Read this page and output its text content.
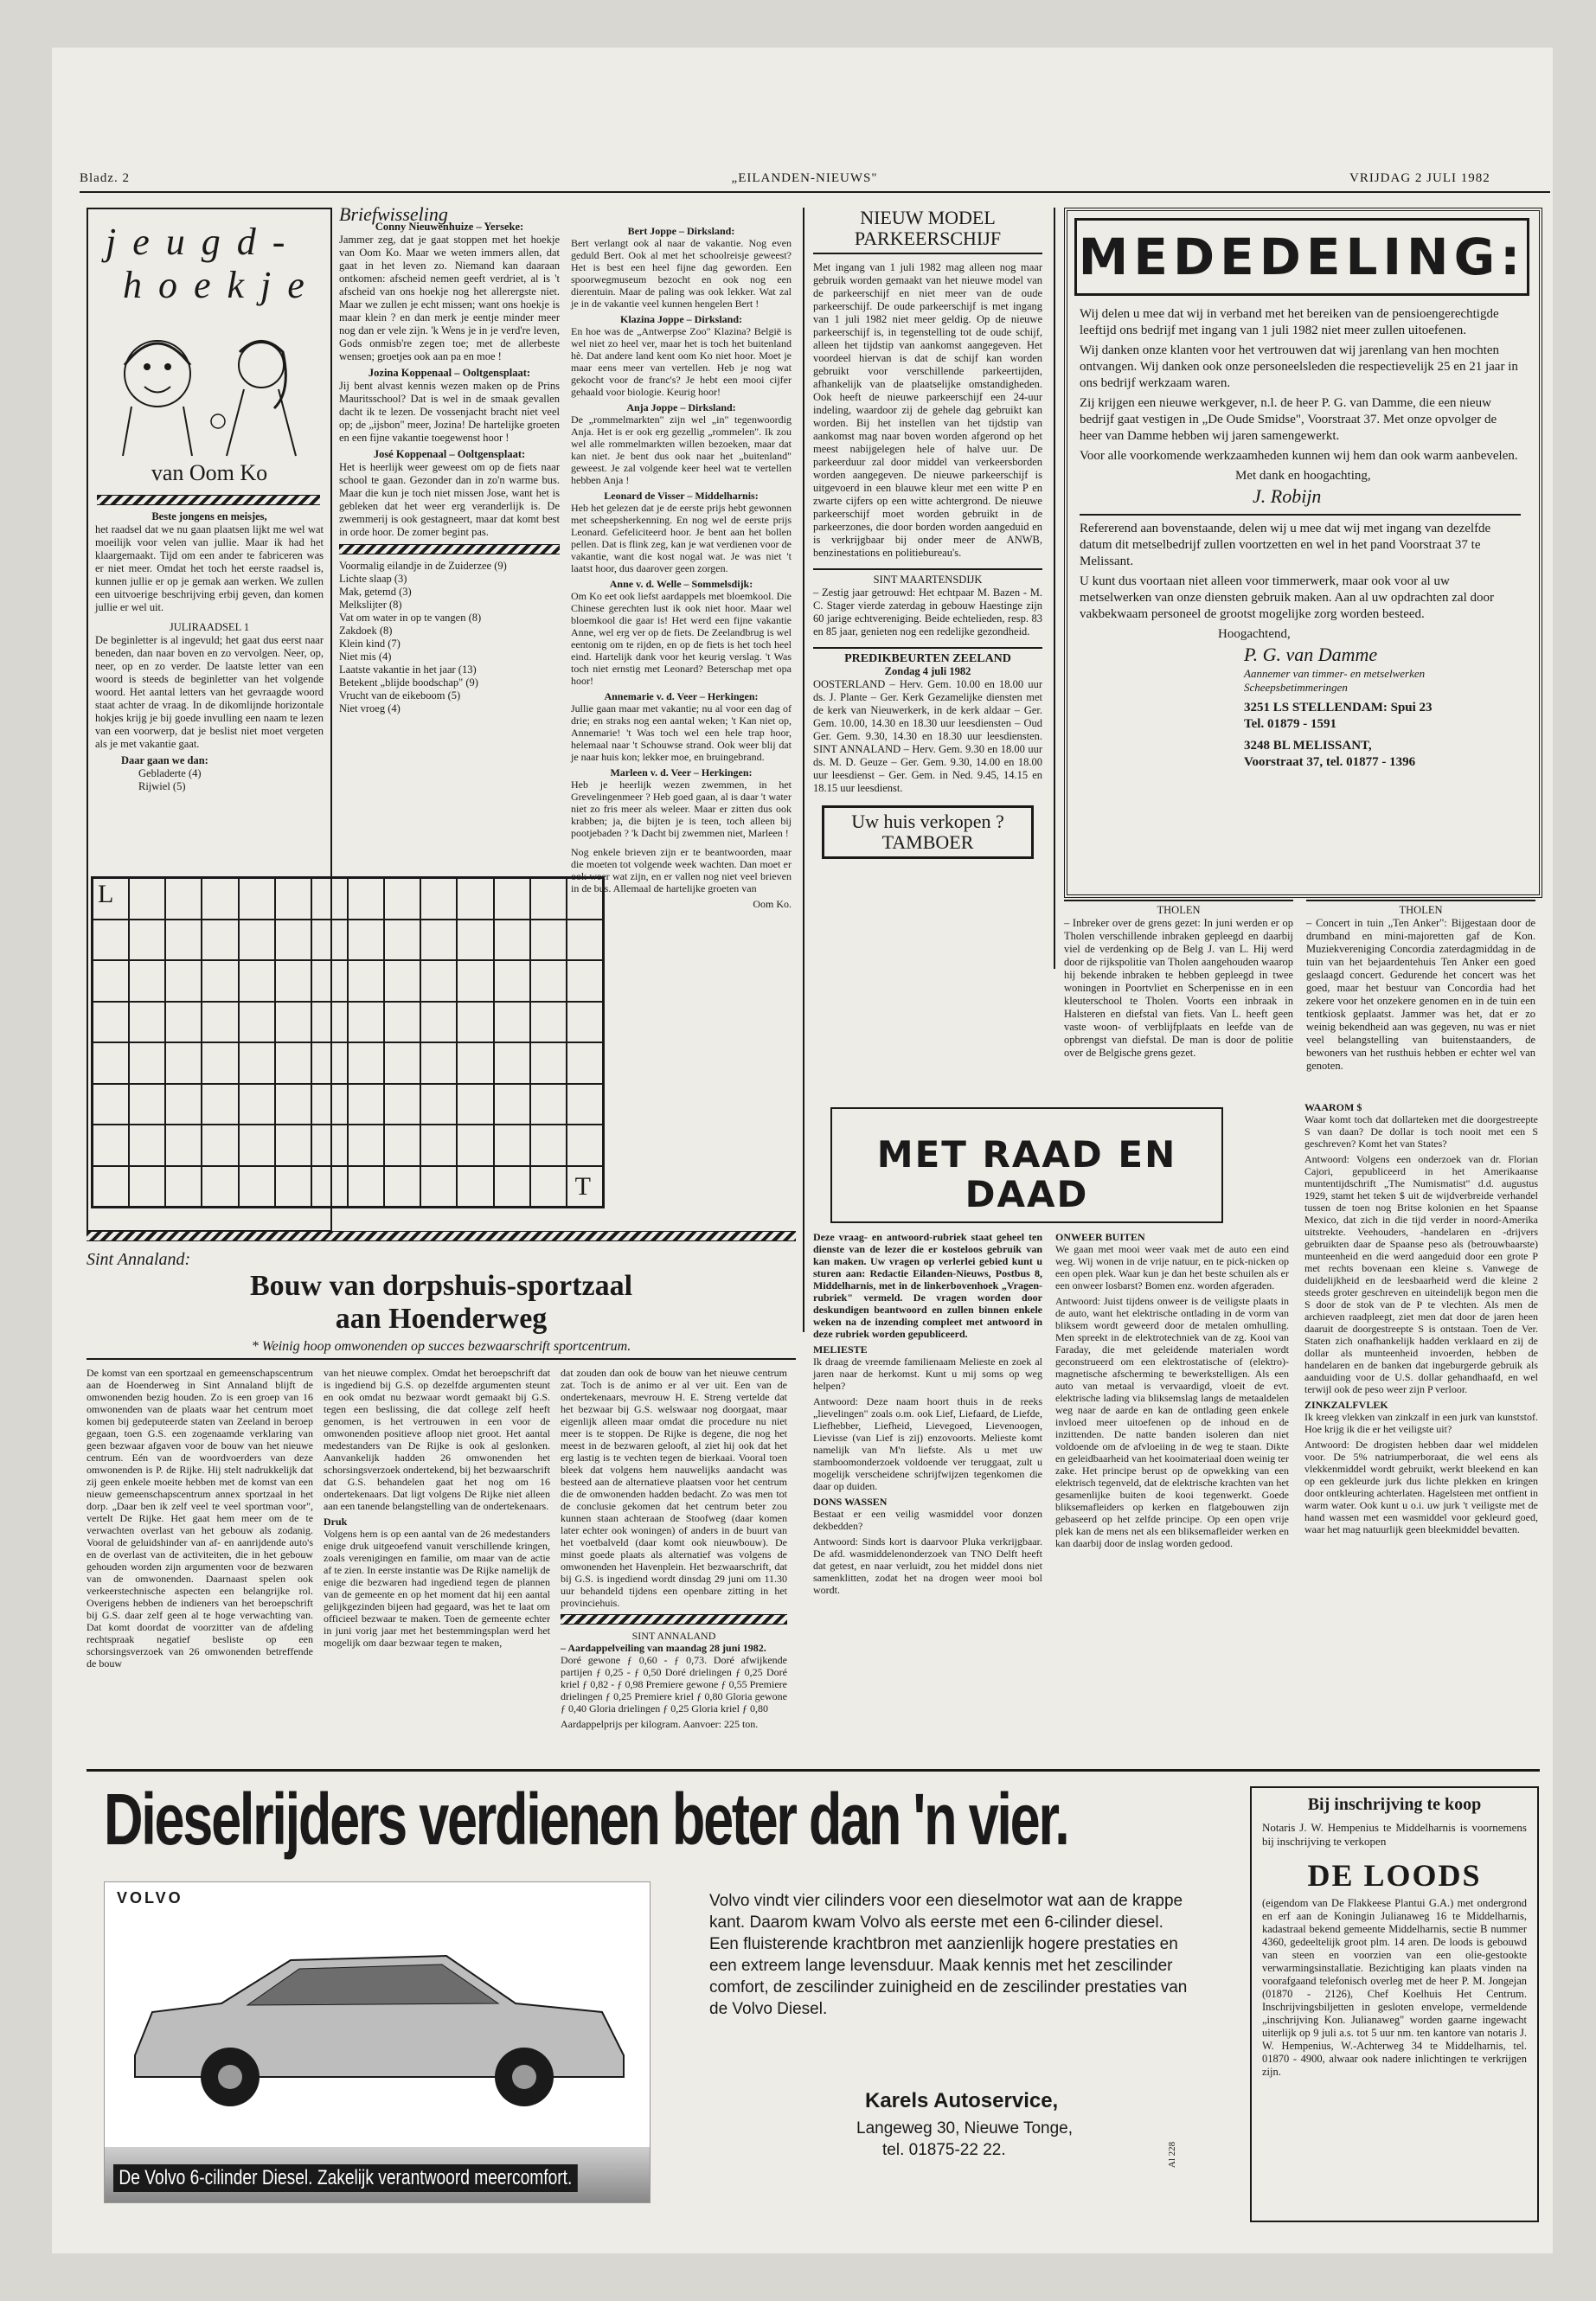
Bladz. 2	„EILANDEN-NIEUWS"	VRIJDAG 2 JULI 1982
j e u g d -
h o e k j e
van Oom Ko
Beste jongens en meisjes,

het raadsel dat we nu gaan plaatsen lijkt me wel wat moeilijk voor velen van jullie. Maar ik had het klaargemaakt. Tijd om een ander te fabriceren was er niet meer. Omdat het toch het eerste raadsel is, kunnen jullie er op je gemak aan werken. We zullen een uitvoerige beschrijving erbij geven, dan komen jullie er wel uit.

JULIRAADSEL 1

De beginletter is al ingevuld; het gaat dus eerst naar beneden, dan naar boven en zo vervolgen. Neer, op, neer, op en zo verder. De laatste letter van een woord is steeds de beginletter van het volgende woord. Het aantal letters van het gevraagde woord staat achter de vraag. In de dikomlijnde horizontale hokjes krijg je bij goede invulling een naam te lezen van een voorwerp, dat je beslist niet moet vergeten als je met vakantie gaat.

Daar gaan we dan:
Gebladerte (4)
Rijwiel (5)
Briefwisseling
Conny Nieuwenhuize – Yerseke:

Jammer zeg, dat je gaat stoppen met het hoekje van Oom Ko. Maar we weten immers allen, dat gaat in het leven zo. Niemand kan daaraan ontkomen: afscheid nemen geeft verdriet, al is 't afscheid van ons hoekje nog het allerergste niet. Maar we zullen je echt missen; want ons hoekje is maar klein ? en dan merk je eentje minder meer nog dan er vele zijn. 'k Wens je in je verd're leven, Gods onmisb're zegen toe; met de allerbeste wensen; groetjes ook aan pa en moe !

Jozina Koppenaal – Ooltgensplaat:

Jij bent alvast kennis wezen maken op de Prins Mauritsschool? Dat is wel in de smaak gevallen dacht ik te lezen. De vossenjacht bracht niet veel op; de „ijsbon" meer, Jozina! De hartelijke groeten en een fijne vakantie toegewenst hoor !

José Koppenaal – Ooltgensplaat:

Het is heerlijk weer geweest om op de fiets naar school te gaan. Gezonder dan in zo'n warme bus. Maar die kun je toch niet missen Jose, want het is gebleken dat het weer erg veranderlijk is. De zwemmerij is ook gestagneert, maar dat komt best in orde hoor. De zomer begint pas.

Voormalig eilandje in de Zuiderzee (9)

Lichte slaap (3)

Mak, getemd (3)

Melkslijter (8)

Vat om water in op te vangen (8)

Zakdoek (8)

Klein kind (7)

Niet mis (4)

Laatste vakantie in het jaar (13)

Betekent „blijde boodschap" (9)

Vrucht van de eikeboom (5)

Niet vroeg (4)

Bert Joppe – Dirksland:

Bert verlangt ook al naar de vakantie. Nog even geduld Bert. Ook al met het schoolreisje geweest? Het is best een heel fijne dag geworden. Een spoorwegmuseum bezocht en ook nog een dierentuin. Maar de paling was ook lekker. Wat zal je in de vakantie veel kunnen hengelen Bert !

Klazina Joppe – Dirksland:

En hoe was de „Antwerpse Zoo" Klazina? België is wel niet zo heel ver, maar het is toch het buitenland hè. Dat andere land kent oom Ko niet hoor. Moet je maar eens meer van vertellen. Heb je nog wat gekocht voor de franc's? Je hebt een mooi cijfer gehaald voor biologie. Keurig hoor!

Anja Joppe – Dirksland:

De „rommelmarkten" zijn wel „in" tegenwoordig Anja. Het is er ook erg gezellig „rommelen". Ik zou wel alle rommelmarkten willen bezoeken, maar dat kan niet. Je bent dus ook naar het „buitenland" geweest. Je zal volgende keer heel wat te vertellen hebben Anja !

Leonard de Visser – Middelharnis:

Heb het gelezen dat je de eerste prijs hebt gewonnen met scheepsherkenning. En nog wel de eerste prijs Leonard. Gefeliciteerd hoor. Je bent aan het bollen pellen. Dat is flink zeg, kan je wat verdienen voor de vakantie, want die kost nogal wat. Je was niet 't laatst hoor, dus daarover geen zorgen.

Anne v. d. Welle – Sommelsdijk:

Om Ko eet ook liefst aardappels met bloemkool. Die Chinese gerechten lust ik ook niet hoor. Maar wel bloemkool die gaar is! Het werd een fijne vakantie Anne, wel erg ver op de fiets. De Zeelandbrug is wel eentonig om te rijden, en op de fiets is het toch heel eind. Hartelijk dank voor het keurig verslag. 't Was toch niet ernstig met Leonard? Beterschap met opa hoor!

Annemarie v. d. Veer – Herkingen:

Jullie gaan maar met vakantie; nu al voor een dag of drie; en straks nog een aantal weken; 't Kan niet op, Annemarie! 't Was toch wel een hele trap hoor, helemaal naar 't Schouwse strand. Ook weer blij dat je naar huis kon; lekker moe, en bruingebrand.

Marleen v. d. Veer – Herkingen:

Heb je heerlijk wezen zwemmen, in het Grevelingenmeer ? Heb goed gaan, al is daar 't water niet zo fris meer als weleer. Maar er zitten dus ook krabben; ja, die bijten je is teen, toch alleen bij pootjebaden ? 'k Dacht bij zwemmen niet, Marleen !

Nog enkele brieven zijn er te beantwoorden, maar die moeten tot volgende week wachten. Dan moet er ook weer wat zijn, en er vallen nog niet veel brieven in de bus. Allemaal de hartelijke groeten van

Oom Ko.
L
T
NIEUW MODEL
PARKEERSCHIJF

Met ingang van 1 juli 1982 mag alleen nog maar gebruik worden gemaakt van het nieuwe model van de parkeerschijf en niet meer van de oude parkeerschijf. De oude parkeerschijf is met ingang van 1 juli 1982 niet meer geldig. Op de nieuwe parkeerschijf is, in tegenstelling tot de oude schijf, alleen het tijdstip van aankomst aangegeven. Het voordeel hiervan is dat de schijf kan worden gebruikt voor verschillende parkeertijden, afhankelijk van de plaatselijke omstandigheden. Ook heeft de nieuwe parkeerschijf een 24-uur indeling, waardoor zij de gehele dag gebruikt kan worden. Bij het instellen van het tijdstip van aankomst mag naar boven worden afgerond op het meest nabijgelegen hele of halve uur. De parkeerduur zal door middel van verkeersborden worden aangegeven. De nieuwe parkeerschijf is uitgevoerd in een blauwe kleur met een witte P en zwarte cijfers op een witte achtergrond. De nieuwe parkeerschijf moet worden gebruikt in de parkeerzones, die door borden worden aangeduid en is verkrijgbaar bij onder meer de ANWB, benzinestations en politiebureau's.

SINT MAARTENSDIJK

– Zestig jaar getrouwd: Het echtpaar M. Bazen - M. C. Stager vierde zaterdag in gebouw Haestinge zijn 60 jarige echtvereniging. Beide echtelieden, resp. 83 en 85 jaar, genieten nog een redelijke gezondheid.

PREDIKBEURTEN ZEELAND
Zondag 4 juli 1982

OOSTERLAND – Herv. Gem. 10.00 en 18.00 uur ds. J. Plante – Ger. Kerk Gezamelijke diensten met de kerk van Nieuwerkerk, in de kerk aldaar – Ger. Gem. 10.00, 14.30 en 18.30 uur leesdiensten – Oud Ger. Gem. 9.30, 14.30 en 18.30 uur leesdiensten. SINT ANNALAND – Herv. Gem. 9.30 en 18.00 uur ds. M. D. Geuze – Ger. Gem. 9.30, 14.00 en 18.00 uur leesdienst – Ger. Gem. in Ned. 9.45, 14.15 en 18.15 uur leesdienst.

Uw huis verkopen ?
TAMBOER
MEDEDELING:

Wij delen u mee dat wij in verband met het bereiken van de pensioengerechtigde leeftijd ons bedrijf met ingang van 1 juli 1982 niet meer zullen uitoefenen.

Wij danken onze klanten voor het vertrouwen dat wij jarenlang van hen mochten ontvangen. Wij danken ook onze personeelsleden die respectievelijk 25 en 21 jaar in ons bedrijf werkzaam waren.

Zij krijgen een nieuwe werkgever, n.l. de heer P. G. van Damme, die een nieuw bedrijf gaat vestigen in „De Oude Smidse", Voorstraat 37. Met onze opvolger de heer van Damme hebben wij jaren samengewerkt.

Voor alle voorkomende werkzaamheden kunnen wij hem dan ook warm aanbevelen.

Met dank en hoogachting,
J. Robijn

Refererend aan bovenstaande, delen wij u mee dat wij met ingang van dezelfde datum dit metselbedrijf zullen voortzetten en wel in het pand Voorstraat 37 te Melissant.

U kunt dus voortaan niet alleen voor timmerwerk, maar ook voor al uw metselwerken van onze diensten gebruik maken. Aan al uw opdrachten zal door vakbekwaam personeel de grootst mogelijke zorg worden besteed.

Hoogachtend,
P. G. van Damme
Aannemer van timmer- en metselwerken Scheepsbetimmeringen
3251 LS STELLENDAM: Spui 23
Tel. 01879 - 1591
3248 BL MELISSANT,
Voorstraat 37, tel. 01877 - 1396
THOLEN

– Inbreker over de grens gezet: In juni werden er op Tholen verschillende inbraken gepleegd en daarbij viel de verdenking op de Belg J. van L. Hij werd door de rijkspolitie van Tholen aangehouden waarop hij bekende inbraken te hebben gepleegd in twee woningen in Poortvliet en Scherpenisse en in een kleuterschool te Tholen. Voorts een inbraak in Halsteren en diefstal van fiets. Van L. heeft geen vaste woon- of verblijfplaats en leefde van de opbrengst van diefstal. De man is door de politie over de Belgische grens gezet.

THOLEN

– Concert in tuin „Ten Anker": Bijgestaan door de drumband en mini-majoretten gaf de Kon. Muziekvereniging Concordia zaterdagmiddag in de tuin van het bejaardentehuis Ten Anker een goed geslaagd concert. Gedurende het concert was het goed, maar het bestuur van Concordia had het zekere voor het onzekere genomen en in de tuin een tentkiosk geplaatst. Jammer was het, dat er zo weinig bekendheid aan was gegeven, nu was er niet veel belangstelling van buitenstaanders, de bewoners van het rusthuis hebben er echter wel van genoten.

MET RAAD EN DAAD

Deze vraag- en antwoord-rubriek staat geheel ten dienste van de lezer die er kosteloos gebruik van kan maken. Uw vragen op verlerlei gebied kunt u sturen aan: Redactie Eilanden-Nieuws, Postbus 8, Middelharnis, met in de linkerbovenhoek „Vragen-rubriek" vermeld. De vragen worden door deskundigen beantwoord en zullen binnen enkele weken na de inzending compleet met antwoord in deze rubriek worden gepubliceerd.

MELIESTE

Ik draag de vreemde familienaam Melieste en zoek al jaren naar de herkomst. Kunt u mij soms op weg helpen?

Antwoord: Deze naam hoort thuis in de reeks „lievelingen" zoals o.m. ook Lief, Liefaard, de Liefde, Liefhebber, Liefheid, Lievegoed, Lievenoogen, Lievisse (van Lief is zij) enzovoorts. Melieste komt namelijk van M'n liefste. Als u met uw stamboomonderzoek voldoende ver teruggaat, zult u mogelijk verscheidene schrijfwijzen tegenkomen die daar op duiden.

DONS WASSEN

Bestaat er een veilig wasmiddel voor donzen dekbedden?

Antwoord: Sinds kort is daarvoor Pluka verkrijgbaar. De afd. wasmiddelenonderzoek van TNO Delft heeft dat getest, en naar verluidt, zou het middel dons niet samenklitten, zodat het na drogen weer mooi bol wordt.

ONWEER BUITEN

We gaan met mooi weer vaak met de auto een eind weg. Wij wonen in de vrije natuur, en te pick-nicken op een open plek. Waar kun je dan het beste schuilen als er een onweer losbarst? Bomen enz. worden afgeraden.

Antwoord: Juist tijdens onweer is de veiligste plaats in de auto, want het elektrische ontlading in de vorm van bliksem wordt geweerd door de metalen omhulling. Men spreekt in de elektrotechniek van de zg. Kooi van Faraday, die met geleidende materialen wordt geconstrueerd om een elektrostatische of (elektro)-magnetische afscherming te bewerkstelligen. Als een auto van metaal is vervaardigd, vloeit de evt. elektrische lading via bliksemslag langs de metaaldelen weg naar de aarde en kan de ontlading geen enkele invloed meer uitoefenen op de inhoud en de inzittenden. De natte banden isoleren dan niet voldoende om de afvloeiing in de weg te staan. Dikte en geleidbaarheid van het kooimateriaal doen weinig ter zake. Het principe berust op de opwekking van een elektrisch tegenveld, dat de elektrische krachten van het gesamenlijke buiten de kooi tegenwerkt. Goede bliksemafleiders op kerken en flatgebouwen zijn gebaseerd op het zelfde principe. Op een open vrije plek kan de mens net als een bliksemafleider werken en kan daarbij door de inslag worden gedood.

WAAROM $

Waar komt toch dat dollarteken met die doorgestreepte S van daan? De dollar is toch nooit met een S geschreven? Komt het van States?

Antwoord: Volgens een onderzoek van dr. Florian Cajori, gepubliceerd in het Amerikaanse muntentijdschrift „The Numismatist" d.d. augustus 1929, stamt het teken $ uit de wijdverbreide verhandel tussen de toen nog Britse kolonien en het Spaanse Mexico, dat zich in die tijd verder in noord-Amerika uitstrekte. Veehouders, -handelaren en -drijvers gebruikten daar de Spaanse peso als (betrouwbaarste) munteenheid en die werd aangeduid door een grote P met rechts bovenaan een kleine s. Vanwege de duidelijkheid en de leesbaarheid werd die kleine 2 steeds groter geschreven en uiteindelijk begon men die S door de stok van de P te vlechten. Als men de archieven raadpleegt, ziet men dat door de jaren heen daaruit de doorgestreepte S is ontstaan. Toen de Ver. Staten zich onafhankelijk hadden verklaard en zij de dollar als munteenheid invoerden, hebben de handelaren en de banken dat ingeburgerde gebruik als aanduiding voor de U.S. dollar gehandhaafd, en wel terwijl ook de peso weer zijn P verloor.

ZINKZALFVLEK

Ik kreeg vlekken van zinkzalf in een jurk van kunststof. Hoe krijg ik die er het veiligste uit?

Antwoord: De drogisten hebben daar wel middelen voor. De 5% natriumperboraat, die wel eens als vlekkenmiddel wordt gebruikt, werkt bleekend en kan op een gekleurde jurk dus lichte plekken en kringen door ontkleuring achterlaten. Hagelsteen met ontfient in warm water. Ook kunt u o.i. uw jurk 't veiligste met de hand wassen met een wasmiddel voor gekleurd goed, waar het mag natuurlijk geen bleekmiddel bevatten.

Sint Annaland:
Bouw van dorpshuis-sportzaal
aan Hoenderweg
* Weinig hoop omwonenden op succes bezwaarschrift sportcentrum.
De komst van een sportzaal en gemeenschapscentrum aan de Hoenderweg in Sint Annaland blijft de omwonenden bezig houden. Zo is een groep van 16 omwonenden van de plaats waar het centrum moet komen bij gedeputeerde staten van Zeeland in beroep gegaan, toen G.S. een zogenaamde verklaring van geen bezwaar afgaven voor de bouw van het nieuwe centrum. Eén van de woordvoerders van deze omwonenden is P. de Rijke. Hij stelt nadrukkelijk dat zij geen enkele moeite hebben met de komst van een nieuw gemeenschapscentrum annex sportzaal in het dorp. „Daar ben ik zelf veel te veel sportman voor", vertelt De Rijke. Het gaat hem meer om de te verwachten overlast van het gebouw als zodanig. Vooral de geluidshinder van af- en aanrijdende auto's en de overlast van de activiteiten, die in het gebouw gehouden worden zijn argumenten voor de bezwaren van de omwonenden. Daarnaast spelen ook verkeerstechnische aspecten een belangrijke rol. Overigens hebben de indieners van het beroepschrift bij G.S. daar zelf geen al te hoge verwachting van. Dat komt doordat de voorzitter van de afdeling rechtspraak negatief besliste op een schorsingsverzoek van 26 omwonenden betreffende de bouw

van het nieuwe complex. Omdat het beroepschrift dat is ingediend bij G.S. op dezelfde argumenten steunt en ook omdat nu bezwaar wordt gemaakt bij G.S. tegen een beslissing, die dat college zelf heeft genomen, is het vertrouwen in een voor de omwonenden positieve afloop niet groot. Het aantal medestanders van De Rijke is ook al geslonken. Aanvankelijk hadden 26 omwonenden het schorsingsverzoek ondertekend, bij het bezwaarschrift dat G.S. behandelen gaat het nog om 16 ondertekenaars. Dat ligt volgens De Rijke niet alleen aan een tanende belangstelling van de ondertekenaars.

Druk

Volgens hem is op een aantal van de 26 medestanders enige druk uitgeoefend vanuit verschillende kringen, zoals verenigingen en familie, om maar van de actie af te zien. In eerste instantie was De Rijke namelijk de enige die bezwaren had ingediend tegen de plannen van de gemeente en op het moment dat hij een aantal gelijkgezinden bijeen had gegaard, was het te laat om officieel bezwaar te maken. Toen de gemeente echter in juni vorig jaar met het bestemmingsplan werd het mogelijk om daar bezwaar tegen te maken,

dat zouden dan ook de bouw van het nieuwe centrum zat. Toch is de animo er al ver uit. Een van de ondertekenaars, mevrouw H. E. Streng vertelde dat het bezwaar bij G.S. welswaar nog doorgaat, maar eigenlijk alleen maar omdat die procedure nu niet meer is te stoppen. De Rijke is degene, die nog het meest in de bezwaren gelooft, al ziet hij ook dat het erg lastig is te vechten tegen de bierkaai. Vooral toen bleek dat volgens hem nauwelijks aandacht was besteed aan de alternatieve plaatsen voor het centrum die de omwonenden hadden bedacht. Zo was men tot de conclusie gekomen dat het centrum beter zou kunnen staan achteraan de Stoofweg (daar komen later echter ook woningen) of anders in de buurt van het voetbalveld (daar komt ook nieuwbouw). De minst goede plaats als alternatief was volgens de omwonenden het Havenplein. Het bezwaarschrift, dat bij G.S. is ingediend wordt dinsdag 29 juni om 11.30 uur behandeld tijdens een openbare zitting in het provinciehuis.

SINT ANNALAND
– Aardappelveiling van maandag 28 juni 1982.

Doré gewone ƒ 0,60 - ƒ 0,73. Doré afwijkende partijen ƒ 0,25 - ƒ 0,50 Doré drielingen ƒ 0,25 Doré kriel ƒ 0,82 - ƒ 0,98 Premiere gewone ƒ 0,55 Premiere drielingen ƒ 0,25 Premiere kriel ƒ 0,80 Gloria gewone ƒ 0,40 Gloria drielingen ƒ 0,25 Gloria kriel ƒ 0,80

Aardappelprijs per kilogram. Aanvoer: 225 ton.

Dieselrijders verdienen beter dan 'n vier.
VOLVO
De Volvo 6-cilinder Diesel. Zakelijk verantwoord meercomfort.
Volvo vindt vier cilinders voor een dieselmotor wat aan de krappe kant. Daarom kwam Volvo als eerste met een 6-cilinder diesel. Een fluisterende krachtbron met aanzienlijk hogere prestaties en een extreem lange levensduur. Maak kennis met het zescilinder comfort, de zescilinder zuinigheid en de zescilinder prestaties van de Volvo Diesel.
Karels Autoservice,
Langeweg 30, Nieuwe Tonge,
tel. 01875-22 22.	Al 228
Bij inschrijving te koop
Notaris J. W. Hempenius te Middelharnis is voornemens bij inschrijving te verkopen
DE LOODS
(eigendom van De Flakkeese Plantui G.A.) met ondergrond en erf aan de Koningin Julianaweg 16 te Middelharnis, kadastraal bekend gemeente Middelharnis, sectie B nummer 4360, gedeeltelijk groot plm. 14 aren. De loods is gebouwd van steen en voorzien van een olie-gestookte verwarmingsinstallatie. Bezichtiging kan plaats vinden na voorafgaand telefonisch overleg met de heer P. M. Jongejan (01870 - 2126), Chef Koelhuis Het Centrum. Inschrijvingsbiljetten in gesloten envelope, vermeldende „inschrijving Kon. Julianaweg" worden gaarne ingewacht uiterlijk op 9 juli a.s. tot 5 uur nm. ten kantore van notaris J. W. Hempenius, W.-Achterweg 34 te Middelharnis, tel. 01870 - 4900, alwaar ook nadere inlichtingen te verkrijgen zijn.
